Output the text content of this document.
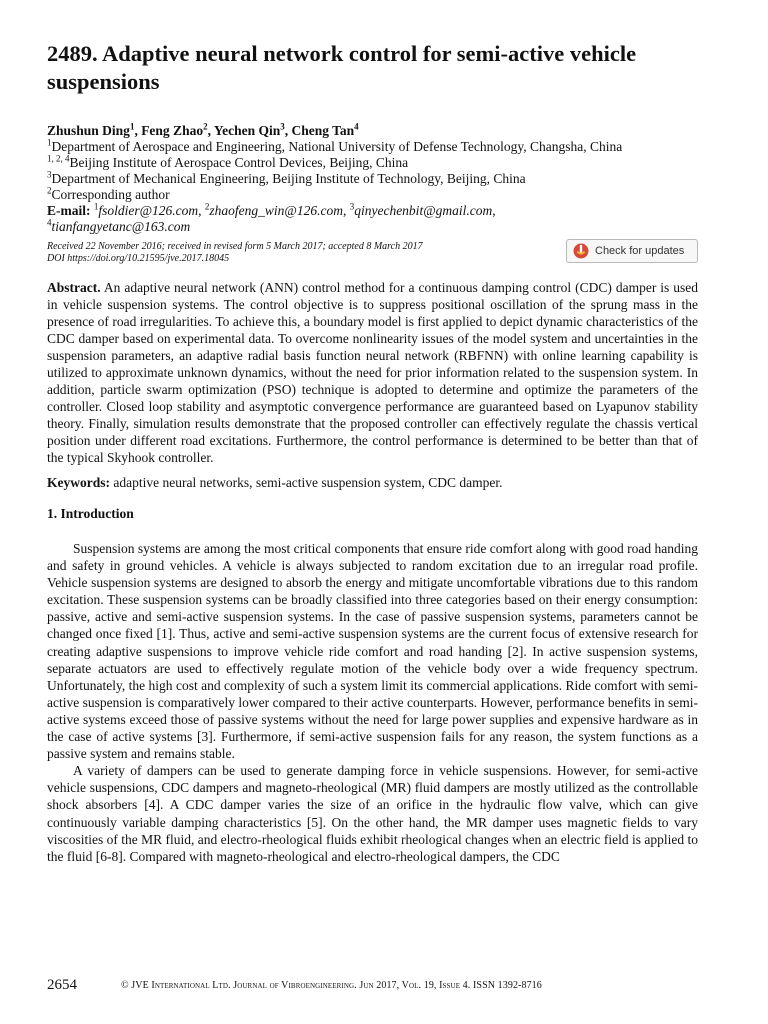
2489. Adaptive neural network control for semi-active vehicle suspensions

Zhushun Ding$^1$, Feng Zhao$^2$, Yechen Qin$^3$, Cheng Tan$^4$

$^1$Department of Aerospace and Engineering, National University of Defense Technology, Changsha, China

$^{1, 2, 4}$Beijing Institute of Aerospace Control Devices, Beijing, China

$^3$Department of Mechanical Engineering, Beijing Institute of Technology, Beijing, China

$^2$Corresponding author

E-mail: $^1$fsoldier@126.com, $^2$zhaofeng_win@126.com, $^3$qinyechenbit@gmail.com,
$^4$tianfangyetanc@163.com

Received 22 November 2016; received in revised form 5 March 2017; accepted 8 March 2017

DOI https://doi.org/10.21595/jve.2017.18045

Check for updates

Abstract. An adaptive neural network (ANN) control method for a continuous damping control (CDC) damper is used in vehicle suspension systems. The control objective is to suppress positional oscillation of the sprung mass in the presence of road irregularities. To achieve this, a boundary model is first applied to depict dynamic characteristics of the CDC damper based on experimental data. To overcome nonlinearity issues of the model system and uncertainties in the suspension parameters, an adaptive radial basis function neural network (RBFNN) with online learning capability is utilized to approximate unknown dynamics, without the need for prior information related to the suspension system. In addition, particle swarm optimization (PSO) technique is adopted to determine and optimize the parameters of the controller. Closed loop stability and asymptotic convergence performance are guaranteed based on Lyapunov stability theory. Finally, simulation results demonstrate that the proposed controller can effectively regulate the chassis vertical position under different road excitations. Furthermore, the control performance is determined to be better than that of the typical Skyhook controller.

Keywords: adaptive neural networks, semi-active suspension system, CDC damper.

1. Introduction

Suspension systems are among the most critical components that ensure ride comfort along with good road handing and safety in ground vehicles. A vehicle is always subjected to random excitation due to an irregular road profile. Vehicle suspension systems are designed to absorb the energy and mitigate uncomfortable vibrations due to this random excitation. These suspension systems can be broadly classified into three categories based on their energy consumption: passive, active and semi-active suspension systems. In the case of passive suspension systems, parameters cannot be changed once fixed [1]. Thus, active and semi-active suspension systems are the current focus of extensive research for creating adaptive suspensions to improve vehicle ride comfort and road handing [2]. In active suspension systems, separate actuators are used to effectively regulate motion of the vehicle body over a wide frequency spectrum. Unfortunately, the high cost and complexity of such a system limit its commercial applications. Ride comfort with semi-active suspension is comparatively lower compared to their active counterparts. However, performance benefits in semi-active systems exceed those of passive systems without the need for large power supplies and expensive hardware as in the case of active systems [3]. Furthermore, if semi-active suspension fails for any reason, the system functions as a passive system and remains stable.

A variety of dampers can be used to generate damping force in vehicle suspensions. However, for semi-active vehicle suspensions, CDC dampers and magneto-rheological (MR) fluid dampers are mostly utilized as the controllable shock absorbers [4]. A CDC damper varies the size of an orifice in the hydraulic flow valve, which can give continuously variable damping characteristics [5]. On the other hand, the MR damper uses magnetic fields to vary viscosities of the MR fluid, and electro-rheological fluids exhibit rheological changes when an electric field is applied to the fluid [6-8]. Compared with magneto-rheological and electro-rheological dampers, the CDC

2654	© JVE International Ltd. Journal of Vibroengineering. Jun 2017, Vol. 19, Issue 4. ISSN 1392-8716
